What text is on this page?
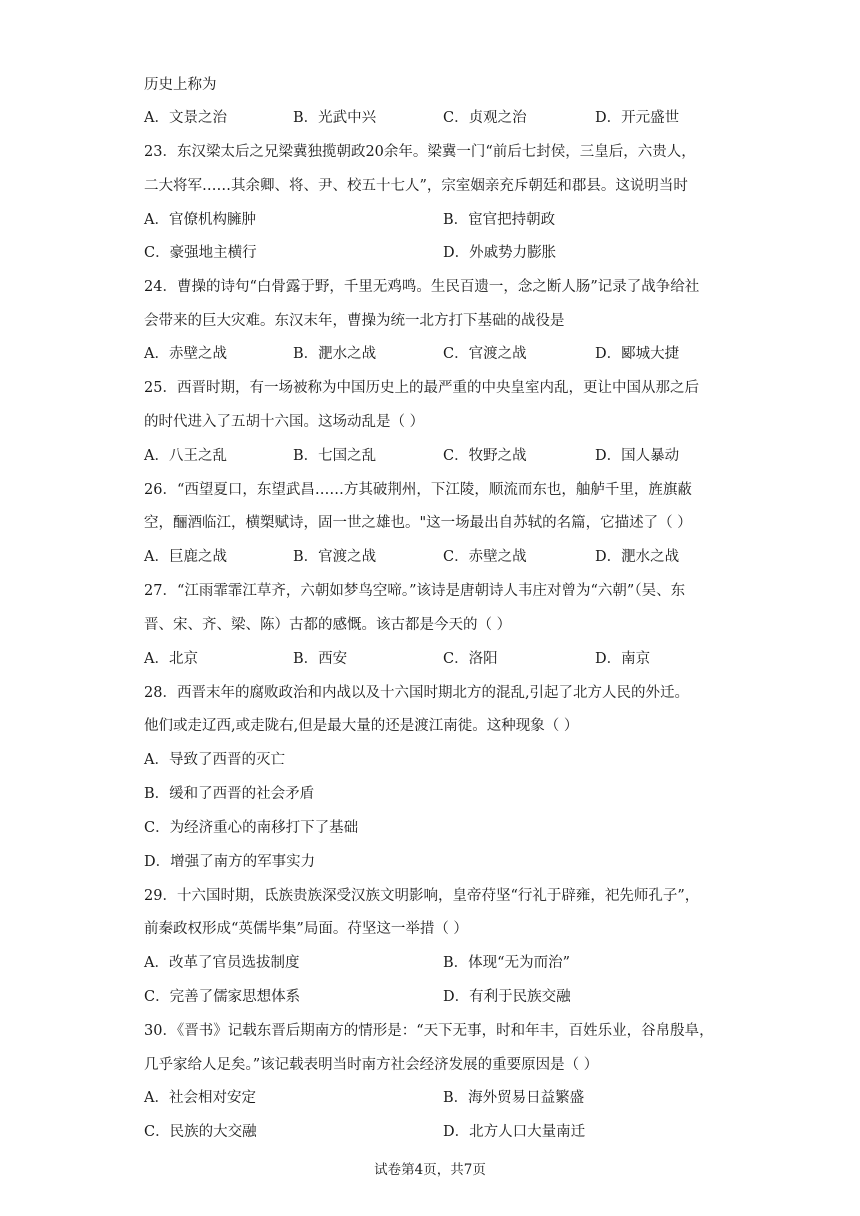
历史上称为
A．文景之治	B．光武中兴	C．贞观之治	D．开元盛世
23．东汉梁太后之兄梁冀独揽朝政20余年。梁冀一门“前后七封侯，三皇后，六贵人，
二大将军……其余卿、将、尹、校五十七人”，宗室姻亲充斥朝廷和郡县。这说明当时
A．官僚机构臃肿	B．宦官把持朝政
C．豪强地主横行	D．外戚势力膨胀
24．曹操的诗句“白骨露于野，千里无鸡鸣。生民百遗一，念之断人肠”记录了战争给社
会带来的巨大灾难。东汉末年，曹操为统一北方打下基础的战役是
A．赤壁之战	B．淝水之战	C．官渡之战	D．郾城大捷
25．西晋时期，有一场被称为中国历史上的最严重的中央皇室内乱，更让中国从那之后
的时代进入了五胡十六国。这场动乱是（ ）
A．八王之乱	B．七国之乱	C．牧野之战	D．国人暴动
26．“西望夏口，东望武昌……方其破荆州，下江陵，顺流而东也，舳舻千里，旌旗蔽
空，酾酒临江，横槊赋诗，固一世之雄也。"这一场最出自苏轼的名篇，它描述了（ ）
A．巨鹿之战	B．官渡之战	C．赤壁之战	D．淝水之战
27．“江雨霏霏江草齐，六朝如梦鸟空啼。”该诗是唐朝诗人韦庄对曾为“六朝”（吴、东
晋、宋、齐、梁、陈）古都的感慨。该古都是今天的（ ）
A．北京	B．西安	C．洛阳	D．南京
28．西晋末年的腐败政治和内战以及十六国时期北方的混乱,引起了北方人民的外迁。
他们或走辽西,或走陇右,但是最大量的还是渡江南徙。这种现象（ ）
A．导致了西晋的灭亡
B．缓和了西晋的社会矛盾
C．为经济重心的南移打下了基础
D．增强了南方的军事实力
29．十六国时期，氐族贵族深受汉族文明影响，皇帝苻坚“行礼于辟雍，祀先师孔子”，
前秦政权形成“英儒毕集”局面。苻坚这一举措（ ）
A．改革了官员选拔制度	B．体现“无为而治”
C．完善了儒家思想体系	D．有利于民族交融
30．《晋书》记载东晋后期南方的情形是：“天下无事，时和年丰，百姓乐业，谷帛殷阜，
几乎家给人足矣。”该记载表明当时南方社会经济发展的重要原因是（ ）
A．社会相对安定	B．海外贸易日益繁盛
C．民族的大交融	D．北方人口大量南迁
试卷第4页，共7页
